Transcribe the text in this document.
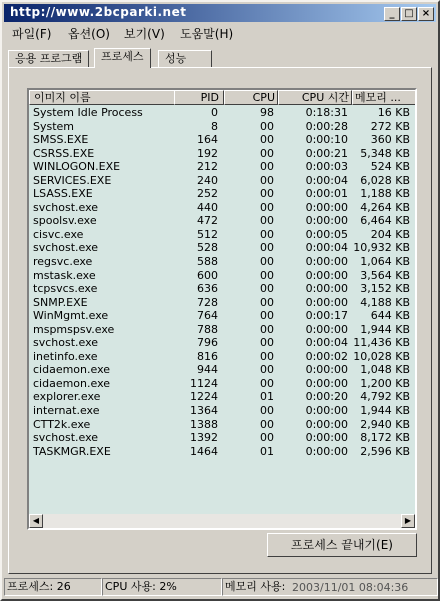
http://www.2bcparki.net	_ □ ×
파일(F) 옵션(O) 보기(V) 도움말(H)
응용 프로그램	프로세스	성능
이미지 이름	PID	CPU	CPU 시간 메모리 ...
System Idle Process	0	98	0:18:31	16 KB
System	8	00	0:00:28	272 KB
SMSS.EXE	164	00	0:00:10	360 KB
CSRSS.EXE	192	00	0:00:21	5,348 KB
WINLOGON.EXE	212	00	0:00:03	524 KB
SERVICES.EXE	240	00	0:00:04	6,028 KB
LSASS.EXE	252	00	0:00:01	1,188 KB
svchost.exe	440	00	0:00:00	4,264 KB
spoolsv.exe	472	00	0:00:00	6,464 KB
cisvc.exe	512	00	0:00:05	204 KB
svchost.exe	528	00	0:00:04 10,932 KB
regsvc.exe	588	00	0:00:00	1,064 KB
mstask.exe	600	00	0:00:00	3,564 KB
tcpsvcs.exe	636	00	0:00:00	3,152 KB
SNMP.EXE	728	00	0:00:00	4,188 KB
WinMgmt.exe	764	00	0:00:17	644 KB
mspmspsv.exe	788	00	0:00:00	1,944 KB
svchost.exe	796	00	0:00:04 11,436 KB
inetinfo.exe	816	00	0:00:02 10,028 KB
cidaemon.exe	944	00	0:00:00	1,048 KB
cidaemon.exe	1124	00	0:00:00	1,200 KB
explorer.exe	1224	01	0:00:20	4,792 KB
internat.exe	1364	00	0:00:00	1,944 KB
CTT2k.exe	1388	00	0:00:00	2,940 KB
svchost.exe	1392	00	0:00:00	8,172 KB
TASKMGR.EXE	1464	01	0:00:00	2,596 KB
◀	▶
프로세스 끝내기(E)
프로세스: 26	CPU 사용: 2%	메모리 사용: 2003/11/01 08:04:36
